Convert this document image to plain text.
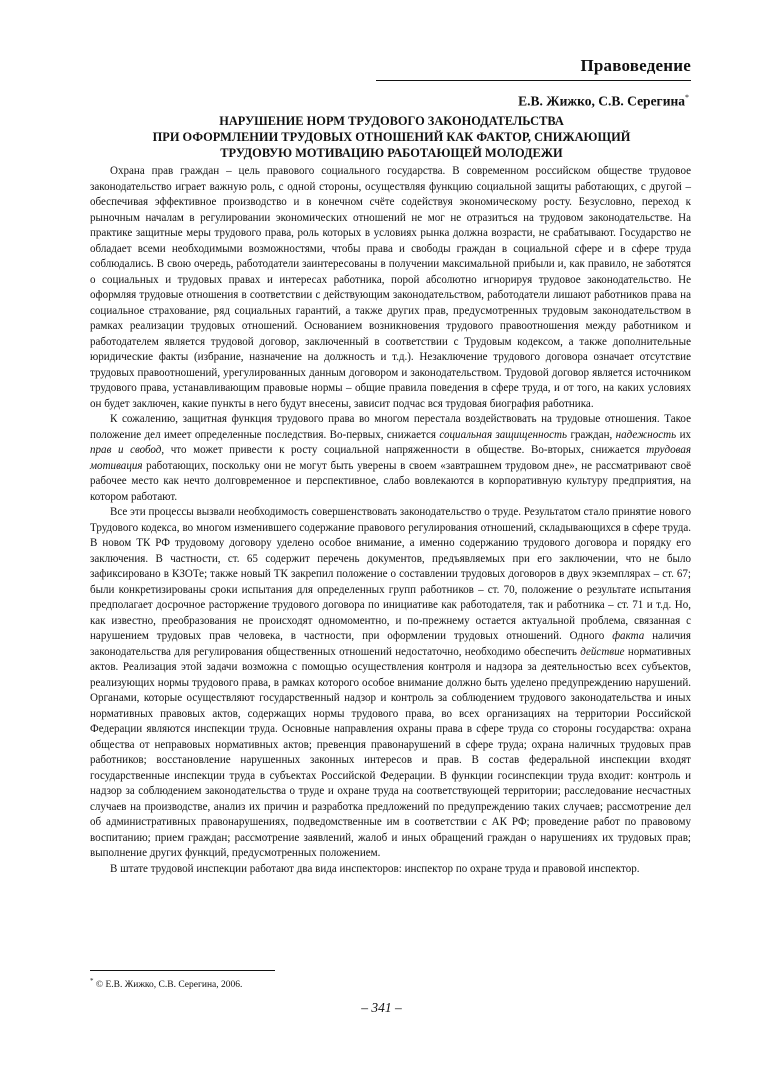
Правоведение
Е.В. Жижко, С.В. Серегина*
НАРУШЕНИЕ НОРМ ТРУДОВОГО ЗАКОНОДАТЕЛЬСТВА
ПРИ ОФОРМЛЕНИИ ТРУДОВЫХ ОТНОШЕНИЙ КАК ФАКТОР, СНИЖАЮЩИЙ
ТРУДОВУЮ МОТИВАЦИЮ РАБОТАЮЩЕЙ МОЛОДЕЖИ

Охрана прав граждан – цель правового социального государства. В современном российском обществе трудовое законодательство играет важную роль, с одной стороны, осуществляя функцию социальной защиты работающих, с другой – обеспечивая эффективное производство и в конечном счёте содействуя экономическому росту. Безусловно, переход к рыночным началам в регулировании экономических отношений не мог не отразиться на трудовом законодательстве. На практике защитные меры трудового права, роль которых в условиях рынка должна возрасти, не срабатывают. Государство не обладает всеми необходимыми возможностями, чтобы права и свободы граждан в социальной сфере и в сфере труда соблюдались. В свою очередь, работодатели заинтересованы в получении максимальной прибыли и, как правило, не заботятся о социальных и трудовых правах и интересах работника, порой абсолютно игнорируя трудовое законодательство. Не оформляя трудовые отношения в соответствии с действующим законодательством, работодатели лишают работников права на социальное страхование, ряд социальных гарантий, а также других прав, предусмотренных трудовым законодательством в рамках реализации трудовых отношений. Основанием возникновения трудового правоотношения между работником и работодателем является трудовой договор, заключенный в соответствии с Трудовым кодексом, а также дополнительные юридические факты (избрание, назначение на должность и т.д.). Незаключение трудового договора означает отсутствие трудовых правоотношений, урегулированных данным договором и законодательством. Трудовой договор является источником трудового права, устанавливающим правовые нормы – общие правила поведения в сфере труда, и от того, на каких условиях он будет заключен, какие пункты в него будут внесены, зависит подчас вся трудовая биография работника.

К сожалению, защитная функция трудового права во многом перестала воздействовать на трудовые отношения. Такое положение дел имеет определенные последствия. Во-первых, снижается социальная защищенность граждан, надежность их прав и свобод, что может привести к росту социальной напряженности в обществе. Во-вторых, снижается трудовая мотивация работающих, поскольку они не могут быть уверены в своем «завтрашнем трудовом дне», не рассматривают своё рабочее место как нечто долговременное и перспективное, слабо вовлекаются в корпоративную культуру предприятия, на котором работают.

Все эти процессы вызвали необходимость совершенствовать законодательство о труде. Результатом стало принятие нового Трудового кодекса, во многом изменившего содержание правового регулирования отношений, складывающихся в сфере труда. В новом ТК РФ трудовому договору уделено особое внимание, а именно содержанию трудового договора и порядку его заключения. В частности, ст. 65 содержит перечень документов, предъявляемых при его заключении, что не было зафиксировано в КЗОТе; также новый ТК закрепил положение о составлении трудовых договоров в двух экземплярах – ст. 67; были конкретизированы сроки испытания для определенных групп работников – ст. 70, положение о результате испытания предполагает досрочное расторжение трудового договора по инициативе как работодателя, так и работника – ст. 71 и т.д. Но, как известно, преобразования не происходят одномоментно, и по-прежнему остается актуальной проблема, связанная с нарушением трудовых прав человека, в частности, при оформлении трудовых отношений. Одного факта наличия законодательства для регулирования общественных отношений недостаточно, необходимо обеспечить действие нормативных актов. Реализация этой задачи возможна с помощью осуществления контроля и надзора за деятельностью всех субъектов, реализующих нормы трудового права, в рамках которого особое внимание должно быть уделено предупреждению нарушений. Органами, которые осуществляют государственный надзор и контроль за соблюдением трудового законодательства и иных нормативных правовых актов, содержащих нормы трудового права, во всех организациях на территории Российской Федерации являются инспекции труда. Основные направления охраны права в сфере труда со стороны государства: охрана общества от неправовых нормативных актов; превенция правонарушений в сфере труда; охрана наличных трудовых прав работников; восстановление нарушенных законных интересов и прав. В состав федеральной инспекции входят государственные инспекции труда в субъектах Российской Федерации. В функции госинспекции труда входит: контроль и надзор за соблюдением законодательства о труде и охране труда на соответствующей территории; расследование несчастных случаев на производстве, анализ их причин и разработка предложений по предупреждению таких случаев; рассмотрение дел об административных правонарушениях, подведомственные им в соответствии с АК РФ; проведение работ по правовому воспитанию; прием граждан; рассмотрение заявлений, жалоб и иных обращений граждан о нарушениях их трудовых прав; выполнение других функций, предусмотренных положением.

В штате трудовой инспекции работают два вида инспекторов: инспектор по охране труда и правовой инспектор.

* © Е.В. Жижко, С.В. Серегина, 2006.
– 341 –
